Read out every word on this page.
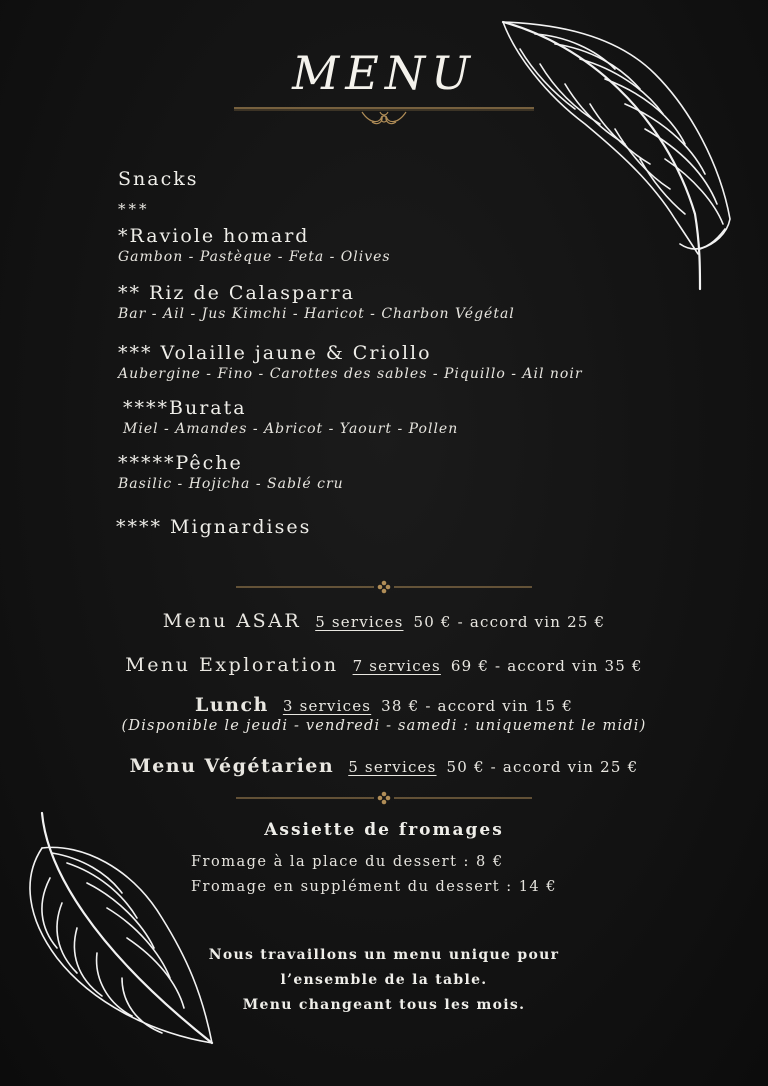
MENU
Snacks
***
*Raviole homard
Gambon - Pastèque - Feta - Olives
** Riz de Calasparra
Bar - Ail - Jus Kimchi - Haricot - Charbon Végétal
*** Volaille jaune & Criollo
Aubergine - Fino - Carottes des sables - Piquillo - Ail noir
****Burata
Miel - Amandes - Abricot - Yaourt - Pollen
*****Pêche
Basilic - Hojicha - Sablé cru
**** Mignardises
Menu ASAR 5 services 50 € - accord vin 25 €
Menu Exploration 7 services 69 € - accord vin 35 €
Lunch 3 services 38 € - accord vin 15 €
(Disponible le jeudi - vendredi - samedi : uniquement le midi)
Menu Végétarien 5 services 50 € - accord vin 25 €
Assiette de fromages
Fromage à la place du dessert : 8 €
Fromage en supplément du dessert : 14 €
Nous travaillons un menu unique pour
l’ensemble de la table.
Menu changeant tous les mois.
